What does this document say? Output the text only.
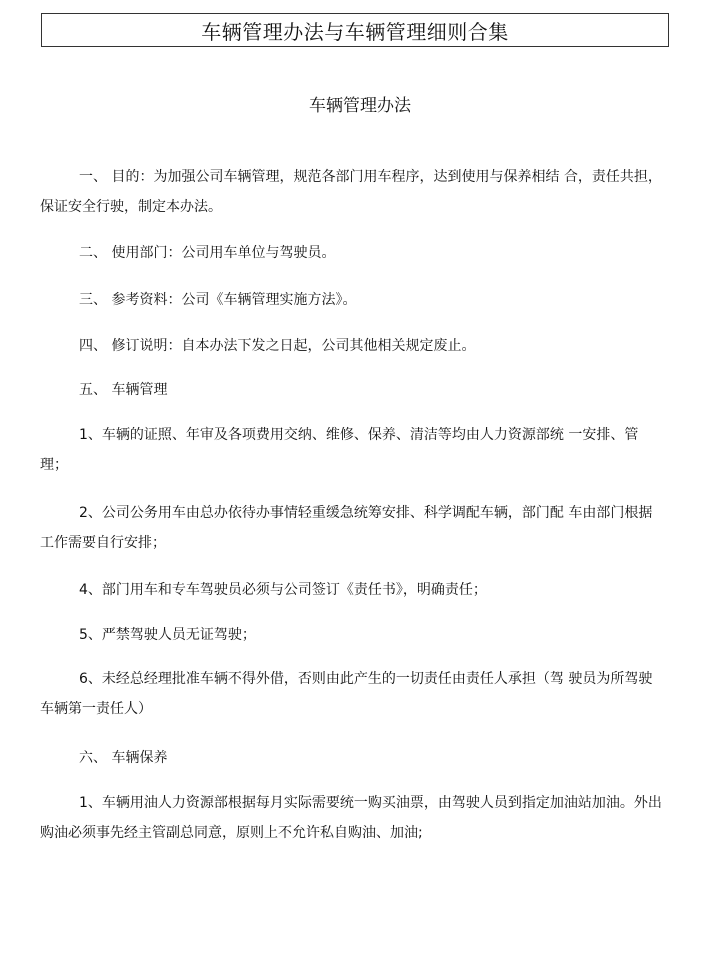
车辆管理办法与车辆管理细则合集
车辆管理办法
一、 目的：为加强公司车辆管理，规范各部门用车程序，达到使用与保养相结 合，责任共担，保证安全行驶，制定本办法。
二、 使用部门：公司用车单位与驾驶员。
三、 参考资料：公司《车辆管理实施方法》。
四、 修订说明：自本办法下发之日起，公司其他相关规定废止。
五、 车辆管理
1、车辆的证照、年审及各项费用交纳、维修、保养、清洁等均由人力资源部统 一安排、管理；
2、公司公务用车由总办依待办事情轻重缓急统筹安排、科学调配车辆，部门配 车由部门根据工作需要自行安排；
4、部门用车和专车驾驶员必须与公司签订《责任书》，明确责任；
5、严禁驾驶人员无证驾驶；
6、未经总经理批准车辆不得外借，否则由此产生的一切责任由责任人承担（驾 驶员为所驾驶车辆第一责任人）
六、 车辆保养
1、车辆用油人力资源部根据每月实际需要统一购买油票，由驾驶人员到指定加油站加油。外出购油必须事先经主管副总同意，原则上不允许私自购油、加油;
